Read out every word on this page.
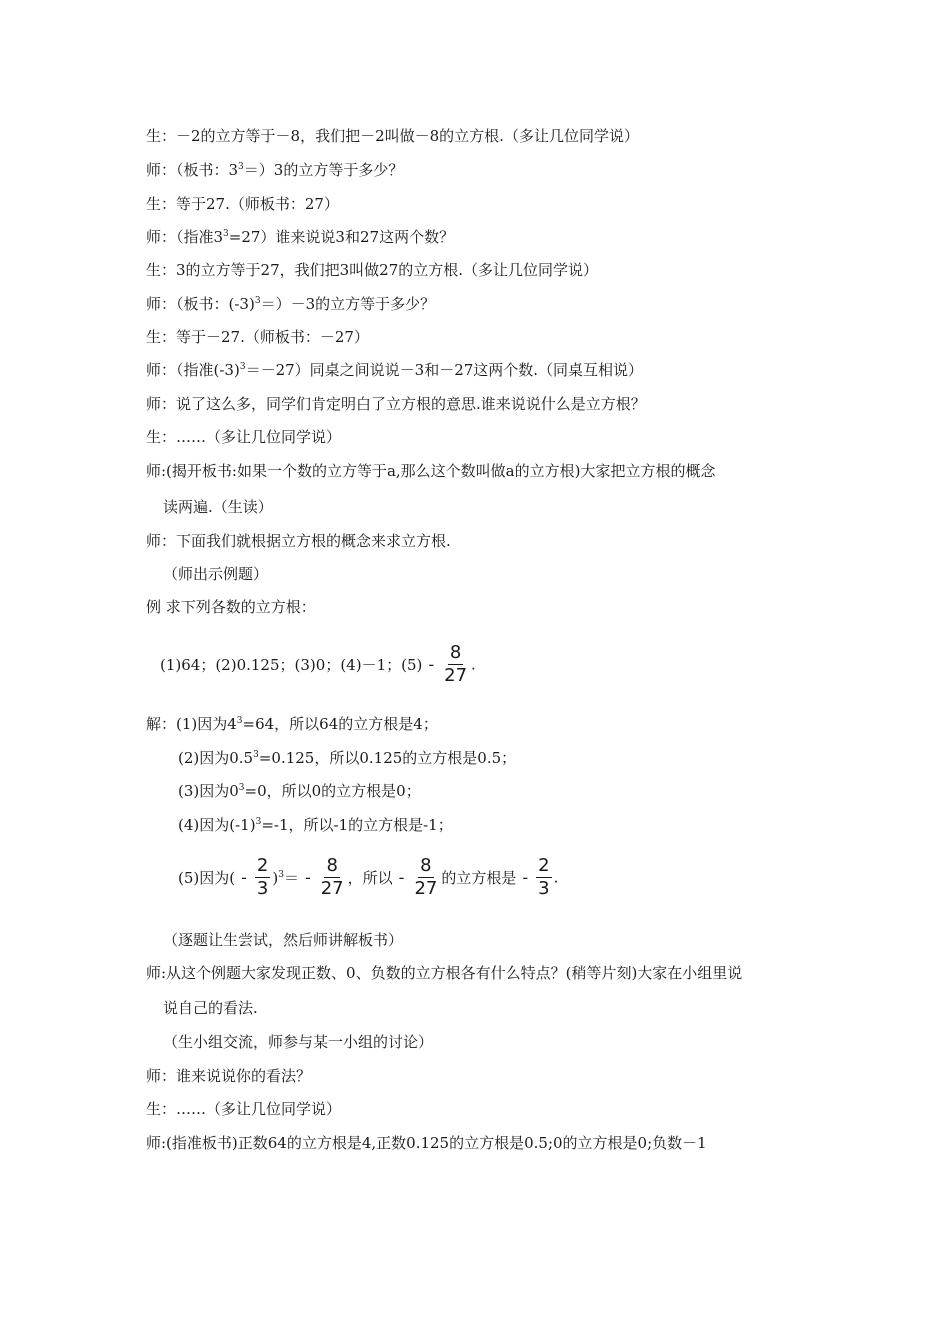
生：－2的立方等于－8，我们把－2叫做－8的立方根.（多让几位同学说）
师：（板书：$3^3=)3$的立方等于多少？
生：等于27.（师板书：27）
师：（指准$3^3=27$）谁来说说3和27这两个数？
生：3的立方等于27，我们把3叫做27的立方根.（多让几位同学说）
师：（板书：$(-3)^3=)-3$的立方等于多少？
生：等于－27.（师板书：－27）
师：（指准$(-3)^3=-27$）同桌之间说说－3和－27这两个数.（同桌互相说）
师：说了这么多，同学们肯定明白了立方根的意思.谁来说说什么是立方根？
生：……（多让几位同学说）
师:(揭开板书:如果一个数的立方等于a,那么这个数叫做a的立方根)大家把立方根的概念
读两遍.（生读）
师：下面我们就根据立方根的概念来求立方根.
（师出示例题）
例 求下列各数的立方根：
(1)64；(2)0.125；(3)0；(4)－1；$(5) - \frac{8}{27}$ .
解：(1)因为$4^3=64$，所以64的立方根是4；
(2)因为$0.5^3=0.125$，所以0.125的立方根是0.5；
(3)因为$0^3=0$，所以0的立方根是0；
(4)因为$(-1)^3=-1$，所以-1的立方根是-1；
(5)因为( - $\frac{2}{3} )^3= - \frac{8}{27}$ ，所以 - $\frac{8}{27}$ 的立方根是 - $\frac{2}{3}$ .
（逐题让生尝试，然后师讲解板书）
师:从这个例题大家发现正数、0、负数的立方根各有什么特点？(稍等片刻)大家在小组里说
说自己的看法.
（生小组交流，师参与某一小组的讨论）
师：谁来说说你的看法？
生：……（多让几位同学说）
师:(指准板书)正数64的立方根是4,正数0.125的立方根是0.5;0的立方根是0;负数－1
